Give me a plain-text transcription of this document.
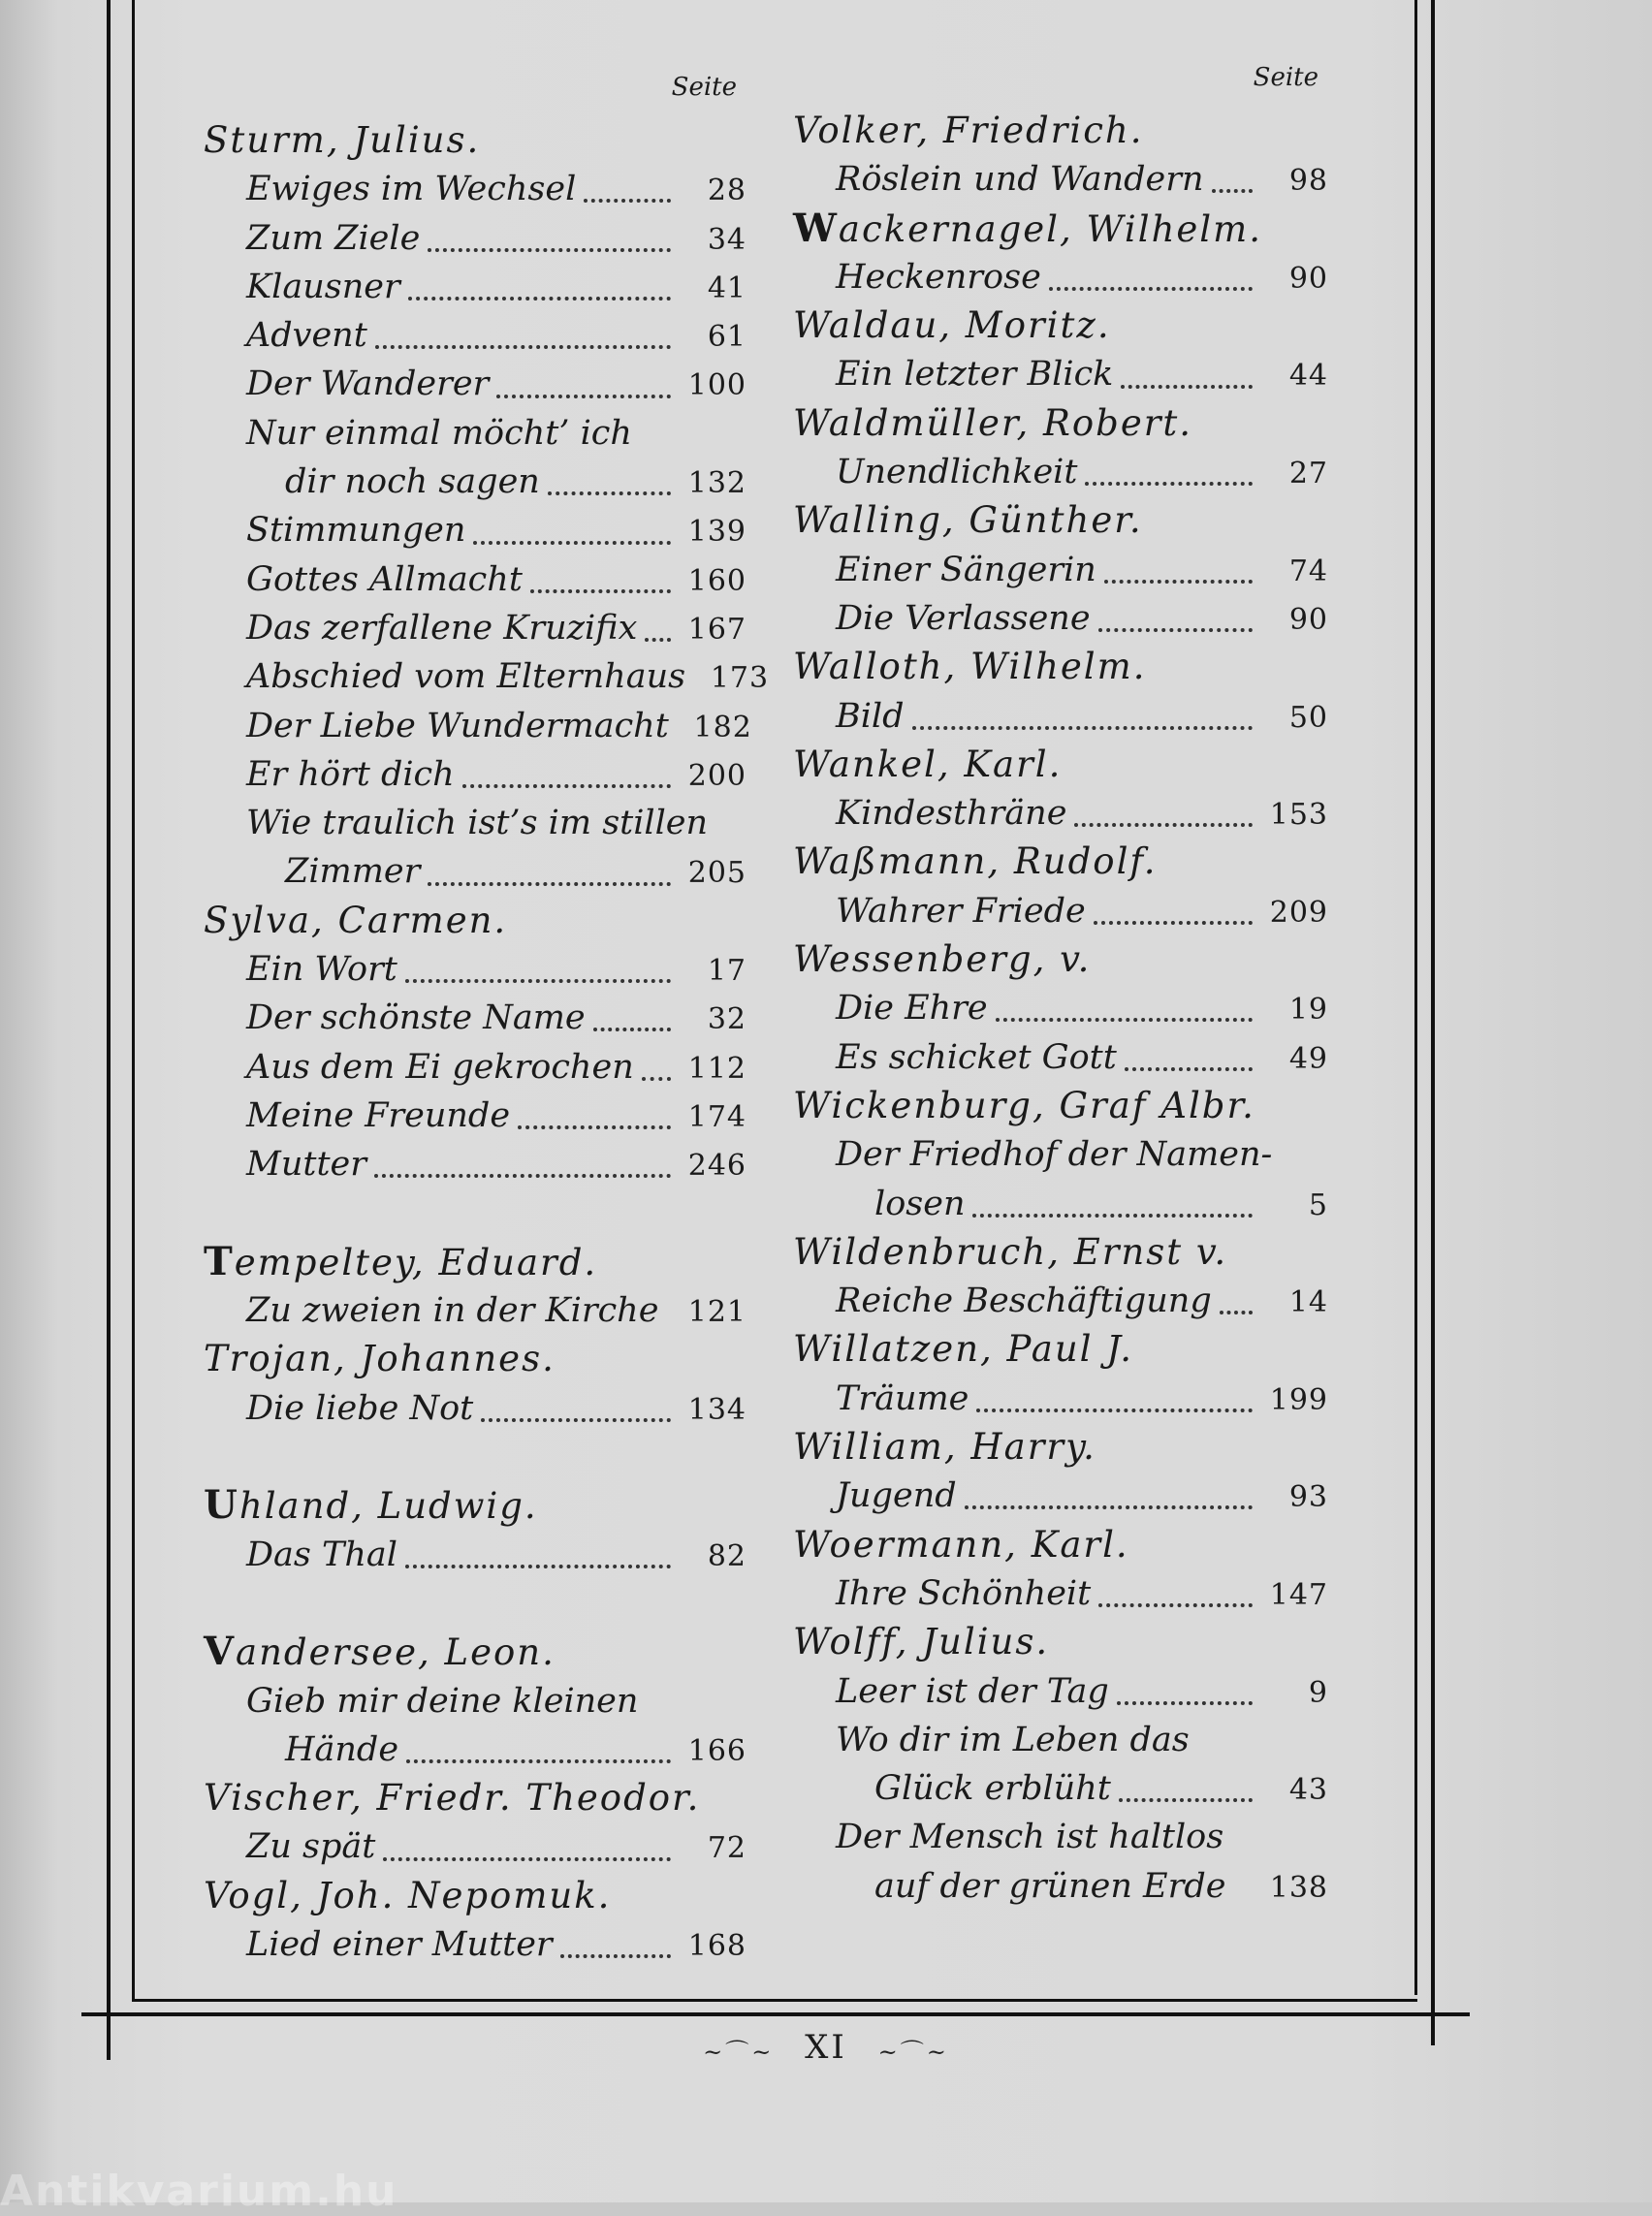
Seite
Sturm, Julius.
Ewiges im Wechsel	28
Zum Ziele	34
Klausner	41
Advent	61
Der Wanderer	100
Nur einmal möcht’ ich
dir noch sagen	132
Stimmungen	139
Gottes Allmacht	160
Das zerfallene Kruzifix	167
Abschied vom Elternhaus 173
Der Liebe Wundermacht 182
Er hört dich	200
Wie traulich ist’s im stillen
Zimmer	205
Sylva, Carmen.
Ein Wort	17
Der schönste Name	32
Aus dem Ei gekrochen	112
Meine Freunde	174
Mutter	246
Tempeltey, Eduard.
Zu zweien in der Kirche	121
Trojan, Johannes.
Die liebe Not	134
Uhland, Ludwig.
Das Thal	82
Vandersee, Leon.
Gieb mir deine kleinen
Hände	166
Vischer, Friedr. Theodor.
Zu spät	72
Vogl, Joh. Nepomuk.
Lied einer Mutter	168
Seite
Volker, Friedrich.
Röslein und Wandern	98
Wackernagel, Wilhelm.
Heckenrose	90
Waldau, Moritz.
Ein letzter Blick	44
Waldmüller, Robert.
Unendlichkeit	27
Walling, Günther.
Einer Sängerin	74
Die Verlassene	90
Walloth, Wilhelm.
Bild	50
Wankel, Karl.
Kindesthräne	153
Waßmann, Rudolf.
Wahrer Friede	209
Wessenberg, v.
Die Ehre	19
Es schicket Gott	49
Wickenburg, Graf Albr.
Der Friedhof der Namen-
losen	5
Wildenbruch, Ernst v.
Reiche Beschäftigung	14
Willatzen, Paul J.
Träume	199
William, Harry.
Jugend	93
Woermann, Karl.
Ihre Schönheit	147
Wolff, Julius.
Leer ist der Tag	9
Wo dir im Leben das
Glück erblüht	43
Der Mensch ist haltlos
auf der grünen Erde	138
~⌒~ XI ~⌒~
Antikvarium.hu
